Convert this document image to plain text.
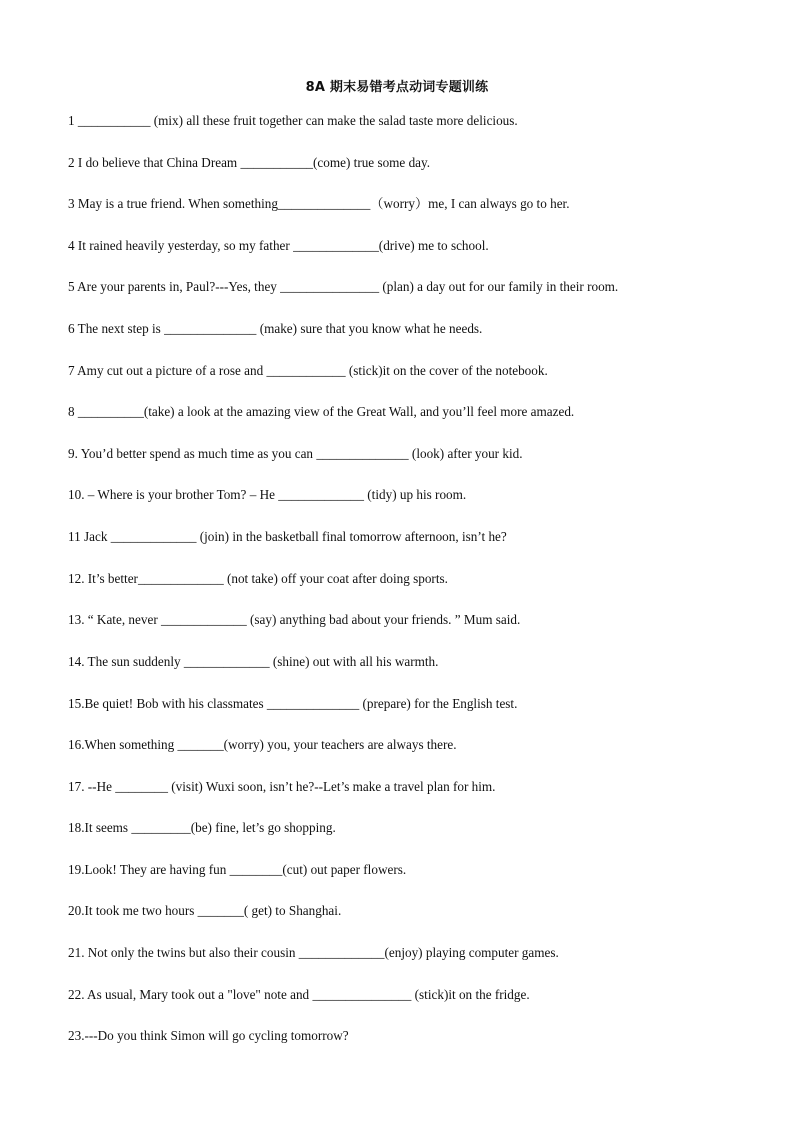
8A 期末易错考点动词专题训练
1 ___________ (mix) all these fruit together can make the salad taste more delicious.
2 I do believe that China Dream ___________(come) true some day.
3 May is a true friend. When something______________（worry）me, I can always go to her.
4 It rained heavily yesterday, so my father _____________(drive) me to school.
5 Are your parents in, Paul?---Yes, they _______________ (plan) a day out for our family in their room.
6 The next step is ______________ (make) sure that you know what he needs.
7 Amy cut out a picture of a rose and ____________ (stick)it on the cover of the notebook.
8 __________(take) a look at the amazing view of the Great Wall, and you’ll feel more amazed.
9. You’d better spend as much time as you can ______________ (look) after your kid.
10. – Where is your brother Tom? – He _____________ (tidy) up his room.
11 Jack _____________ (join) in the basketball final tomorrow afternoon, isn’t he?
12. It’s better_____________ (not take) off your coat after doing sports.
13. “ Kate, never _____________ (say) anything bad about your friends. ” Mum said.
14. The sun suddenly _____________ (shine) out with all his warmth.
15.Be quiet! Bob with his classmates ______________ (prepare) for the English test.
16.When something _______(worry) you, your teachers are always there.
17. --He ________ (visit) Wuxi soon, isn’t he?--Let’s make a travel plan for him.
18.It seems _________(be) fine, let’s go shopping.
19.Look! They are having fun ________(cut) out paper flowers.
20.It took me two hours _______( get) to Shanghai.
21. Not only the twins but also their cousin _____________(enjoy) playing computer games.
22. As usual, Mary took out a "love" note and _______________ (stick)it on the fridge.
23.---Do you think Simon will go cycling tomorrow?
